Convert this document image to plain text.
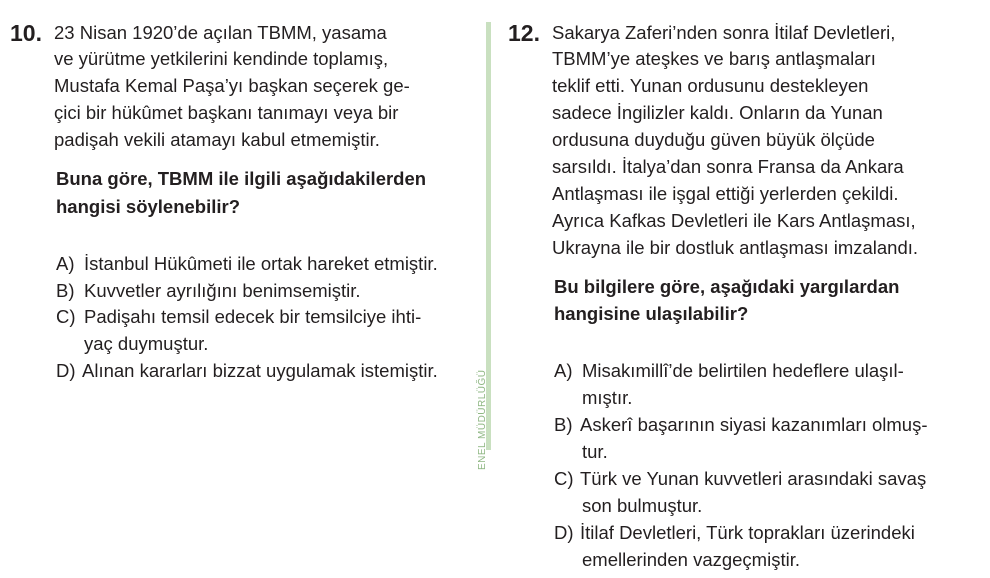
10. 23 Nisan 1920’de açılan TBMM, yasama
ve yürütme yetkilerini kendinde toplamış,
Mustafa Kemal Paşa’yı başkan seçerek ge-
çici bir hükûmet başkanı tanımayı veya bir
padişah vekili atamayı kabul etmemiştir.
Buna göre, TBMM ile ilgili aşağıdakilerden
hangisi söylenebilir?
A) İstanbul Hükûmeti ile ortak hareket etmiştir.
B) Kuvvetler ayrılığını benimsemiştir.
C) Padişahı temsil edecek bir temsilciye ihti-
yaç duymuştur.
D) Alınan kararları bizzat uygulamak istemiştir.	ENEL MÜDÜRLÜĞÜ
12. Sakarya Zaferi’nden sonra İtilaf Devletleri,
TBMM’ye ateşkes ve barış antlaşmaları
teklif etti. Yunan ordusunu destekleyen
sadece İngilizler kaldı. Onların da Yunan
ordusuna duyduğu güven büyük ölçüde
sarsıldı. İtalya’dan sonra Fransa da Ankara
Antlaşması ile işgal ettiği yerlerden çekildi.
Ayrıca Kafkas Devletleri ile Kars Antlaşması,
Ukrayna ile bir dostluk antlaşması imzalandı.
Bu bilgilere göre, aşağıdaki yargılardan
hangisine ulaşılabilir?
A) Misakımillî’de belirtilen hedeflere ulaşıl-
mıştır.
B) Askerî başarının siyasi kazanımları olmuş-
tur.
C) Türk ve Yunan kuvvetleri arasındaki savaş
son bulmuştur.
D) İtilaf Devletleri, Türk toprakları üzerindeki
emellerinden vazgeçmiştir.
